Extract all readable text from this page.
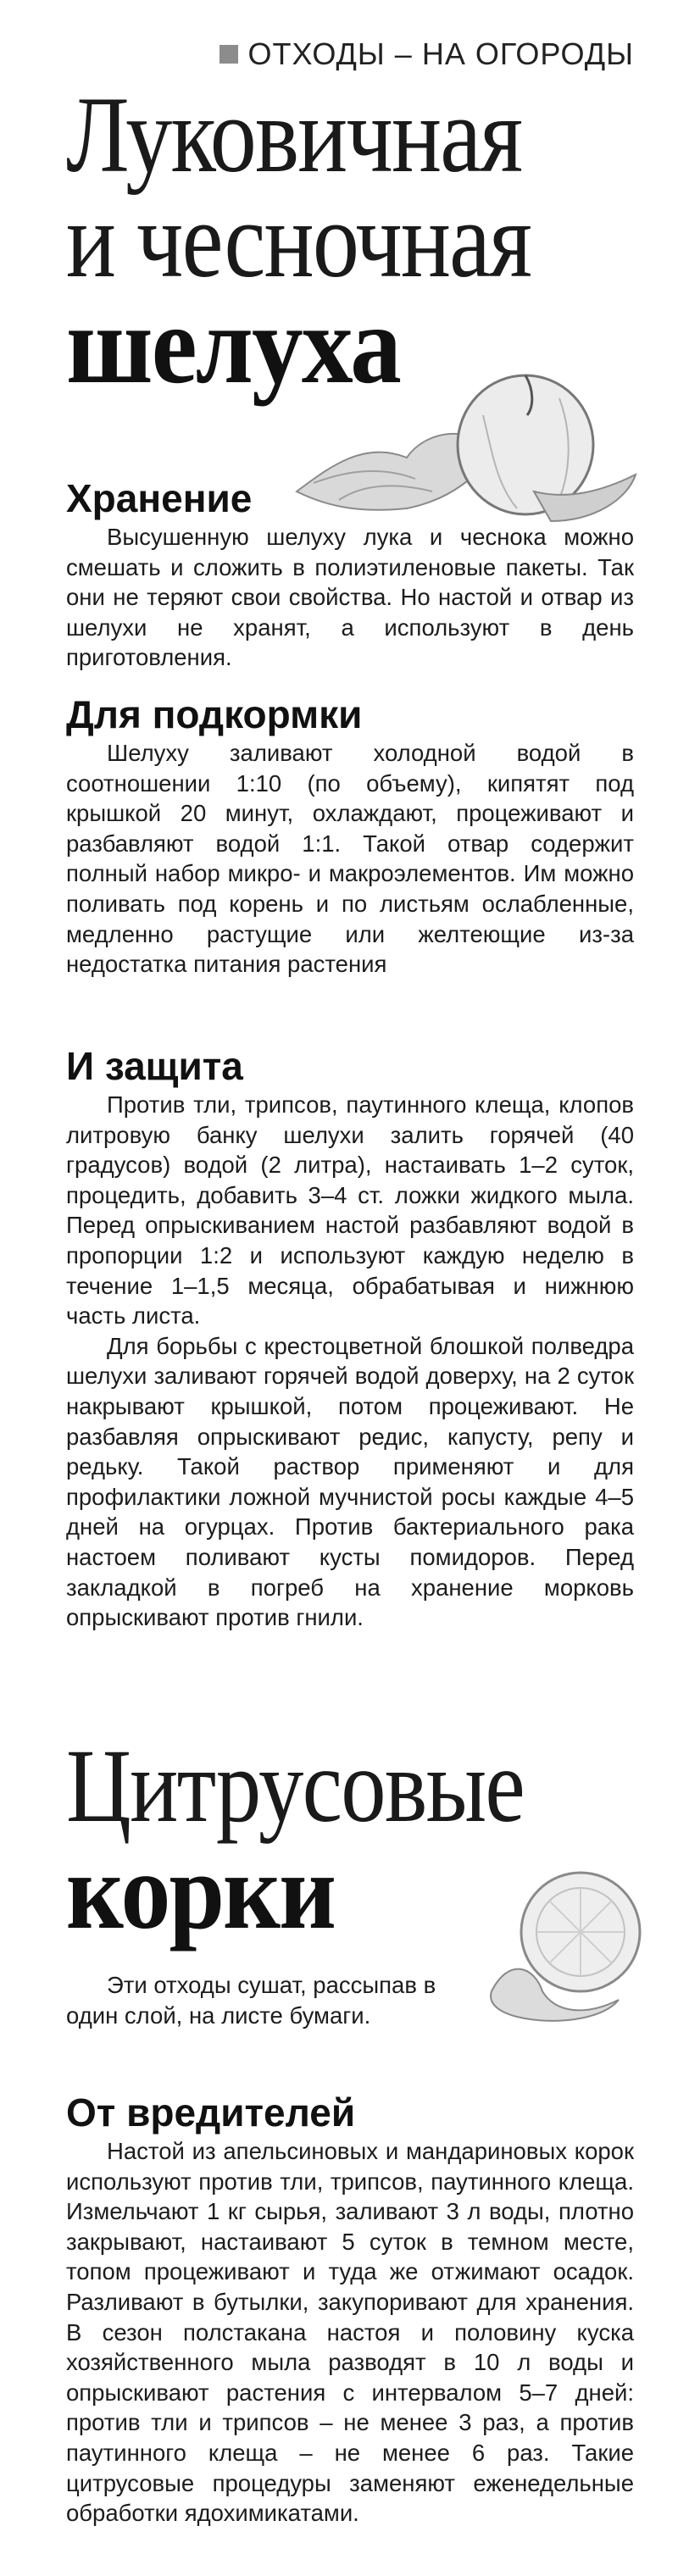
ОТХОДЫ – НА ОГОРОДЫ
Луковичная
и чесночная
шелуха
Хранение

Высушенную шелуху лука и чеснока можно смешать и сложить в полиэтиленовые пакеты. Так они не теряют свои свойства. Но настой и отвар из шелухи не хранят, а используют в день приготовления.

Для подкормки

Шелуху заливают холодной водой в соотношении 1:10 (по объему), кипятят под крышкой 20 минут, охлаждают, процеживают и разбавляют водой 1:1. Такой отвар содержит полный набор микро- и макроэлементов. Им можно поливать под корень и по листьям ослабленные, медленно растущие или желтеющие из-за недостатка питания растения

И защита

Против тли, трипсов, паутинного клеща, клопов литровую банку шелухи залить горячей (40 градусов) водой (2 литра), настаивать 1–2 суток, процедить, добавить 3–4 ст. ложки жидкого мыла. Перед опрыскиванием настой разбавляют водой в пропорции 1:2 и используют каждую неделю в течение 1–1,5 месяца, обрабатывая и нижнюю часть листа.

Для борьбы с крестоцветной блошкой полведра шелухи заливают горячей водой доверху, на 2 суток накрывают крышкой, потом процеживают. Не разбавляя опрыскивают редис, капусту, репу и редьку. Такой раствор применяют и для профилактики ложной мучнистой росы каждые 4–5 дней на огурцах. Против бактериального рака настоем поливают кусты помидоров. Перед закладкой в погреб на хранение морковь опрыскивают против гнили.

Цитрусовые
корки

Эти отходы сушат, рассыпав в один слой, на листе бумаги.

От вредителей

Настой из апельсиновых и мандариновых корок используют против тли, трипсов, паутинного клеща. Измельчают 1 кг сырья, заливают 3 л воды, плотно закрывают, настаивают 5 суток в темном месте, топом процеживают и туда же отжимают осадок. Разливают в бутылки, закупоривают для хранения. В сезон полстакана настоя и половину куска хозяйственного мыла разводят в 10 л воды и опрыскивают растения с интервалом 5–7 дней: против тли и трипсов – не менее 3 раз, а против паутинного клеща – не менее 6 раз. Такие цитрусовые процедуры заменяют еженедельные обработки ядохимикатами.
